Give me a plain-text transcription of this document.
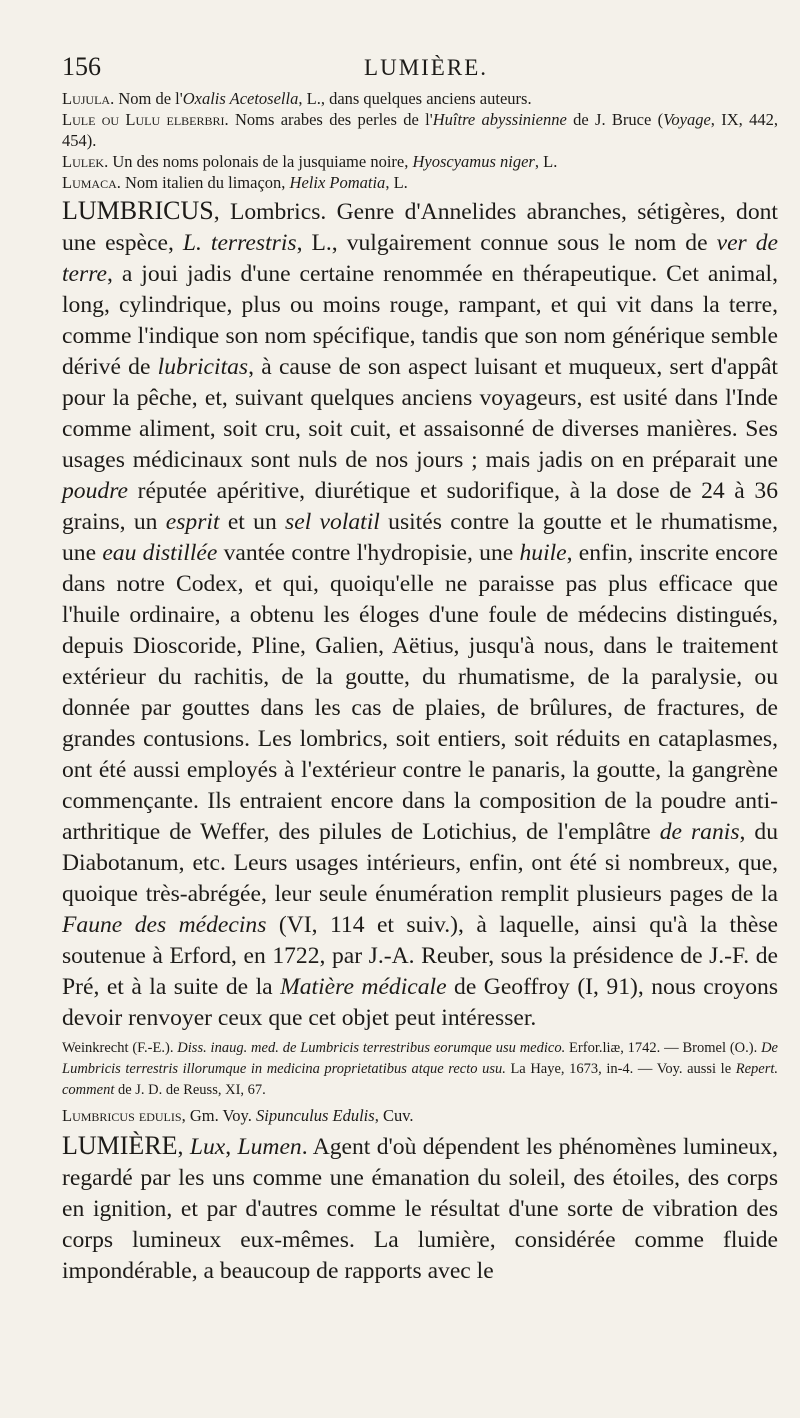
156	LUMIÈRE.

Lujula. Nom de l'Oxalis Acetosella, L., dans quelques anciens auteurs.

Lule ou Lulu elberbri. Noms arabes des perles de l'Huître abyssinienne de J. Bruce (Voyage, IX, 442, 454).

Lulek. Un des noms polonais de la jusquiame noire, Hyoscyamus niger, L.

Lumaca. Nom italien du limaçon, Helix Pomatia, L.

LUMBRICUS, Lombrics. Genre d'Annelides abranches, sétigères, dont une espèce, L. terrestris, L., vulgairement connue sous le nom de ver de terre, a joui jadis d'une certaine renommée en thérapeutique. Cet animal, long, cylindrique, plus ou moins rouge, rampant, et qui vit dans la terre, comme l'indique son nom spécifique, tandis que son nom générique semble dérivé de lubricitas, à cause de son aspect luisant et muqueux, sert d'appât pour la pêche, et, suivant quelques anciens voyageurs, est usité dans l'Inde comme aliment, soit cru, soit cuit, et assaisonné de diverses manières. Ses usages médicinaux sont nuls de nos jours ; mais jadis on en préparait une poudre réputée apéritive, diurétique et sudorifique, à la dose de 24 à 36 grains, un esprit et un sel volatil usités contre la goutte et le rhumatisme, une eau distillée vantée contre l'hydropisie, une huile, enfin, inscrite encore dans notre Codex, et qui, quoiqu'elle ne paraisse pas plus efficace que l'huile ordinaire, a obtenu les éloges d'une foule de médecins distingués, depuis Dioscoride, Pline, Galien, Aëtius, jusqu'à nous, dans le traitement extérieur du rachitis, de la goutte, du rhumatisme, de la paralysie, ou donnée par gouttes dans les cas de plaies, de brûlures, de fractures, de grandes contusions. Les lombrics, soit entiers, soit réduits en cataplasmes, ont été aussi employés à l'extérieur contre le panaris, la goutte, la gangrène commençante. Ils entraient encore dans la composition de la poudre anti-arthritique de Weffer, des pilules de Lotichius, de l'emplâtre de ranis, du Diabotanum, etc. Leurs usages intérieurs, enfin, ont été si nombreux, que, quoique très-abrégée, leur seule énumération remplit plusieurs pages de la Faune des médecins (VI, 114 et suiv.), à laquelle, ainsi qu'à la thèse soutenue à Erford, en 1722, par J.-A. Reuber, sous la présidence de J.-F. de Pré, et à la suite de la Matière médicale de Geoffroy (I, 91), nous croyons devoir renvoyer ceux que cet objet peut intéresser.

Weinkrecht (F.-E.). Diss. inaug. med. de Lumbricis terrestribus eorumque usu medico. Erfor.liæ, 1742. — Bromel (O.). De Lumbricis terrestris illorumque in medicina proprietatibus atque recto usu. La Haye, 1673, in-4. — Voy. aussi le Repert. comment de J. D. de Reuss, XI, 67.

Lumbricus edulis, Gm. Voy. Sipunculus Edulis, Cuv.

LUMIÈRE, Lux, Lumen. Agent d'où dépendent les phénomènes lumineux, regardé par les uns comme une émanation du soleil, des étoiles, des corps en ignition, et par d'autres comme le résultat d'une sorte de vibration des corps lumineux eux-mêmes. La lumière, considérée comme fluide impondérable, a beaucoup de rapports avec le
